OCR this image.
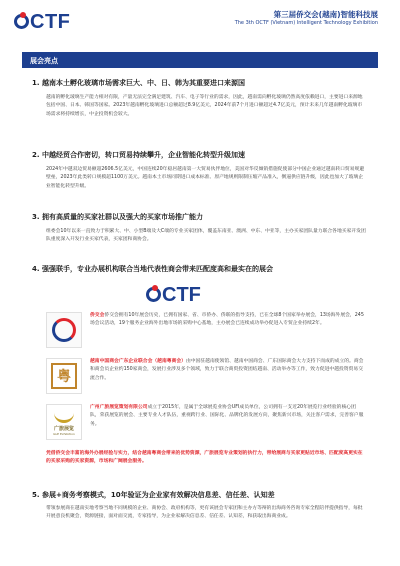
CTF	第三届侨交会(越南)智能科技展
The 3th OCTF (Vietnam) Intelligent Technology Exhibition
展会亮点
1. 越南本土孵化玻璃市场需求巨大、中、日、韩为其重要进口来源国
越南的孵化玻璃生产能力相对有限，产量无法完全满足建筑、汽车、电子等行业的需求，因此，越南需向孵化玻璃仍然高度依赖进口，主要进口来源地包括中国、日本、韩国等国家。2023年越南孵化玻璃进口总额超过8.9亿美元，2024年前7个月进口额超过4.7亿美元，预计未来几年越南孵化玻璃市场需求将持续增长，中企投资机会较大。
2. 中越经贸合作密切，转口贸易持续攀升，企业智能化转型升级加速
2024年中越双边贸易额超2606.5亿美元，中国连续20年稳居越南第一大贸易伙伴地位，美国对华反倾销措施促使部分中国企业通过越南转口贸易规避壁垒，2023年此类转口规模超1100万美元。越南本土市场同期进口成本标准、原产地规则限制压缩产品准入，倒逼供应链升级，因此也加大了玻璃企业智能化转型升级。
3. 拥有高质量的买家社群以及强大的买家市场推广能力
组委会10年以来一直致力于积累大、中、小型B端及大C端的专业买家团体，覆盖东南亚、澳洲、中东、中亚等，主办买家团队量力联合各地买家开发团队重度深入开发行业买家代表，买家团和商协会。
4. 强强联手，专业办展机构联合当地代表性商会带来匹配度高和最实在的展会
CTF
侨交会侨交会拥有10年展会历史，已拥有国家、省、市侨办、侨联的指导支持，已在全球8个国家举办展会，13场海外展会，245场会议活动，19个服务企业海外出地市场的采购中心基地，主办展会已连续成功举办促进入专贸企业持续2年。
粤
越南中国商会广东企业联合会（越南粤商会）由中国驻越南使领馆、越南中国商会、广东国际商会大力支持下而成的成立的。商会和商会员企业约150家商会，发展行业涉及多个领域，致力于联合商贸投资团结越南、活动举办等工作，致力促进中越投资贸易交流合作。
广旅展览
GLE Exhibition
广州广旅展览策划有限公司成立于2015年，是属于全球展览业协会UFI成员单位，公司拥有一支近20年展览行业经验的核心团队，荣获展览的展会、主要专业人才队伍，重视跨行业、国际化、品牌化的发展方向，聚焦新兴市场，关注客户需求，完善客户服务。
凭借侨交会丰富的海外办展经验与实力，结合越南粤商会带来的优势资源，广旅展览专业策划的执行力，带给展商与买家更贴近市场、匹配度高更实在的买家采购的买家资源，市场和广阔展会服务。
5. 参展+商务考察模式，10年验证为企业家有效解决信息差、信任差、认知差
带领参展商在越南实地考察当地不同规模的企业、商协会、政府机构等，更有该展会专家团和主办方等辩的出海商务咨询专家全程陪伴提供指导，每批开展意良机聚会，资源链接，面对面交流，专家指导，为企业家解决信息差、信任差、认知差，和获取出海商业成。
